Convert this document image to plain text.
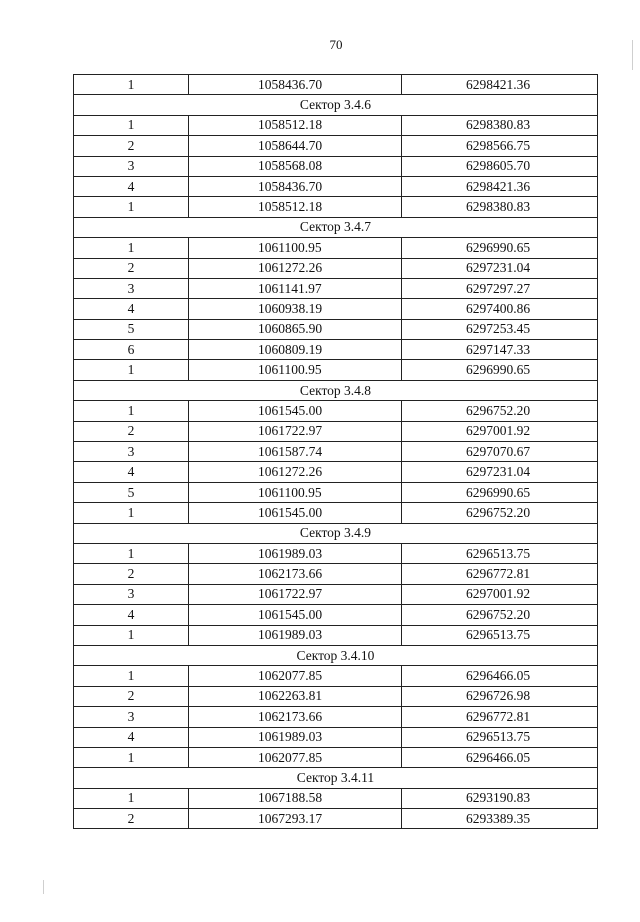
70
1	1058436.70	6298421.36
Сектор 3.4.6		
1	1058512.18	6298380.83
2	1058644.70	6298566.75
3	1058568.08	6298605.70
4	1058436.70	6298421.36
1	1058512.18	6298380.83
Сектор 3.4.7		
1	1061100.95	6296990.65
2	1061272.26	6297231.04
3	1061141.97	6297297.27
4	1060938.19	6297400.86
5	1060865.90	6297253.45
6	1060809.19	6297147.33
1	1061100.95	6296990.65
Сектор 3.4.8		
1	1061545.00	6296752.20
2	1061722.97	6297001.92
3	1061587.74	6297070.67
4	1061272.26	6297231.04
5	1061100.95	6296990.65
1	1061545.00	6296752.20
Сектор 3.4.9		
1	1061989.03	6296513.75
2	1062173.66	6296772.81
3	1061722.97	6297001.92
4	1061545.00	6296752.20
1	1061989.03	6296513.75
Сектор 3.4.10		
1	1062077.85	6296466.05
2	1062263.81	6296726.98
3	1062173.66	6296772.81
4	1061989.03	6296513.75
1	1062077.85	6296466.05
Сектор 3.4.11		
1	1067188.58	6293190.83
2	1067293.17	6293389.35
